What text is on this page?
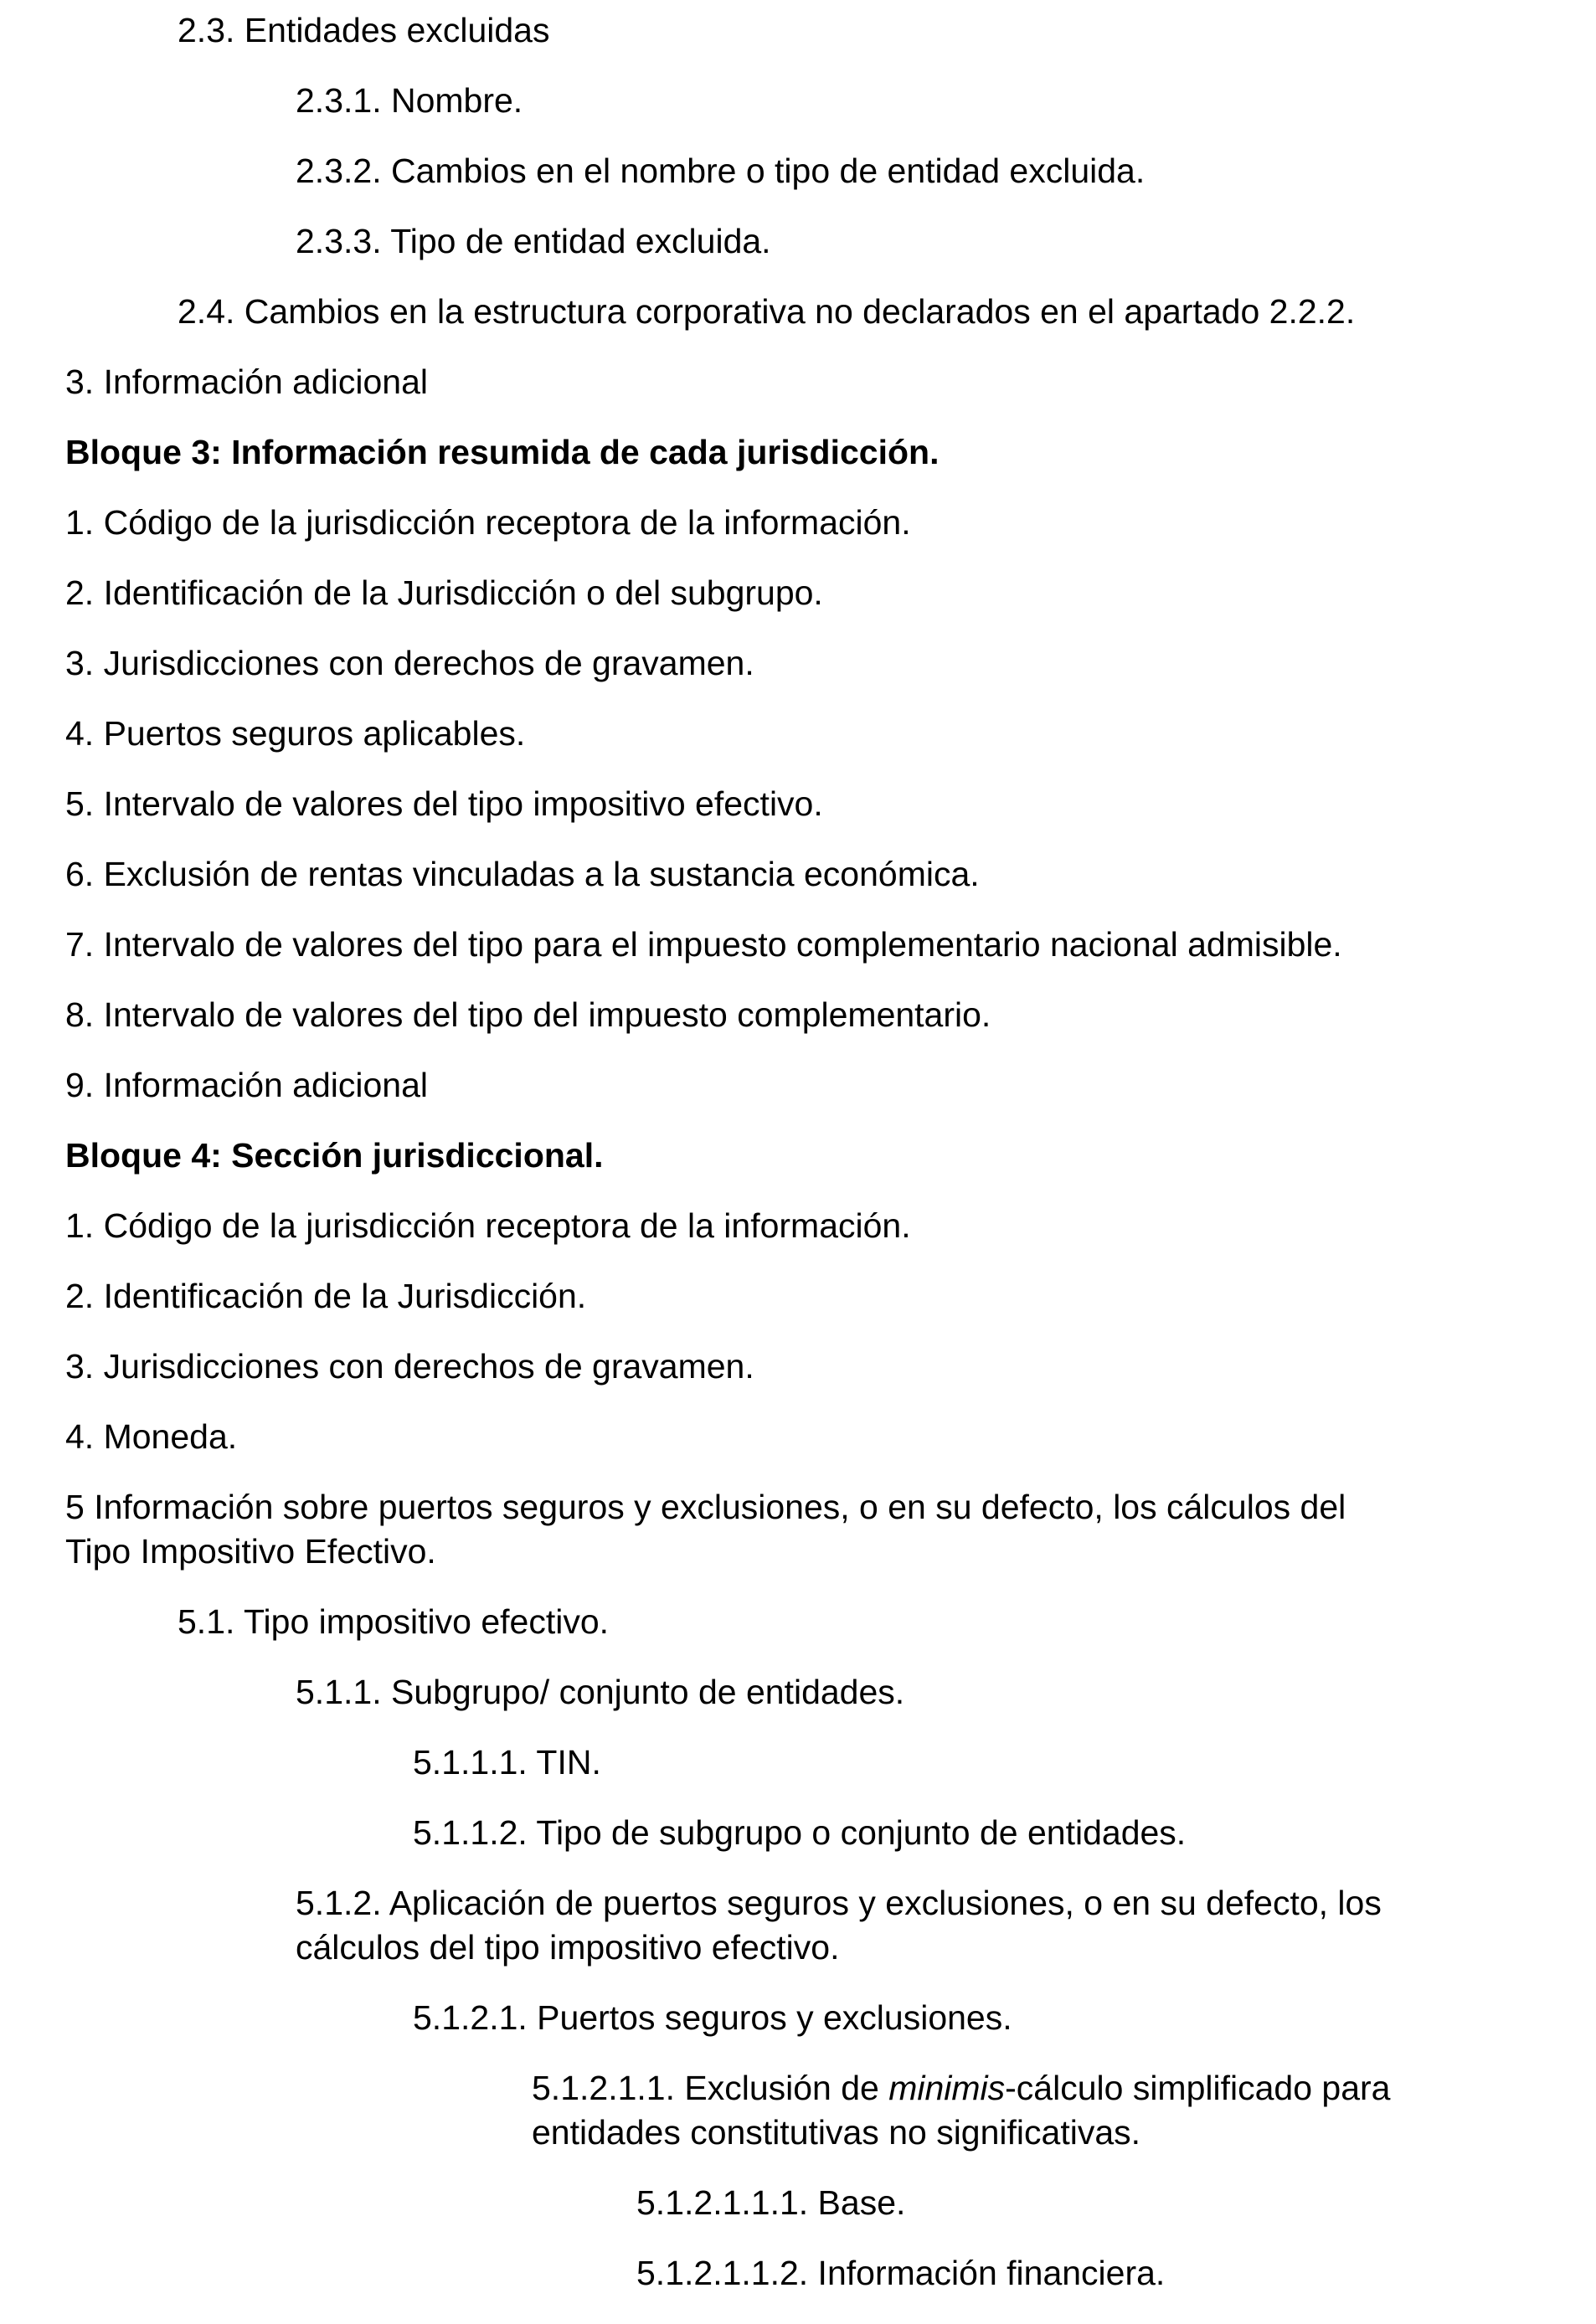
2.3. Entidades excluidas
2.3.1. Nombre.
2.3.2. Cambios en el nombre o tipo de entidad excluida.
2.3.3. Tipo de entidad excluida.
2.4. Cambios en la estructura corporativa no declarados en el apartado 2.2.2.
3. Información adicional
Bloque 3: Información resumida de cada jurisdicción.
1. Código de la jurisdicción receptora de la información.
2. Identificación de la Jurisdicción o del subgrupo.
3. Jurisdicciones con derechos de gravamen.
4. Puertos seguros aplicables.
5. Intervalo de valores del tipo impositivo efectivo.
6. Exclusión de rentas vinculadas a la sustancia económica.
7. Intervalo de valores del tipo para el impuesto complementario nacional admisible.
8. Intervalo de valores del tipo del impuesto complementario.
9. Información adicional
Bloque 4: Sección jurisdiccional.
1. Código de la jurisdicción receptora de la información.
2. Identificación de la Jurisdicción.
3. Jurisdicciones con derechos de gravamen.
4. Moneda.
5 Información sobre puertos seguros y exclusiones, o en su defecto, los cálculos del
Tipo Impositivo Efectivo.
5.1. Tipo impositivo efectivo.
5.1.1. Subgrupo/ conjunto de entidades.
5.1.1.1. TIN.
5.1.1.2. Tipo de subgrupo o conjunto de entidades.
5.1.2. Aplicación de puertos seguros y exclusiones, o en su defecto, los
cálculos del tipo impositivo efectivo.
5.1.2.1. Puertos seguros y exclusiones.
5.1.2.1.1. Exclusión de minimis-cálculo simplificado para
entidades constitutivas no significativas.
5.1.2.1.1.1. Base.
5.1.2.1.1.2. Información financiera.
